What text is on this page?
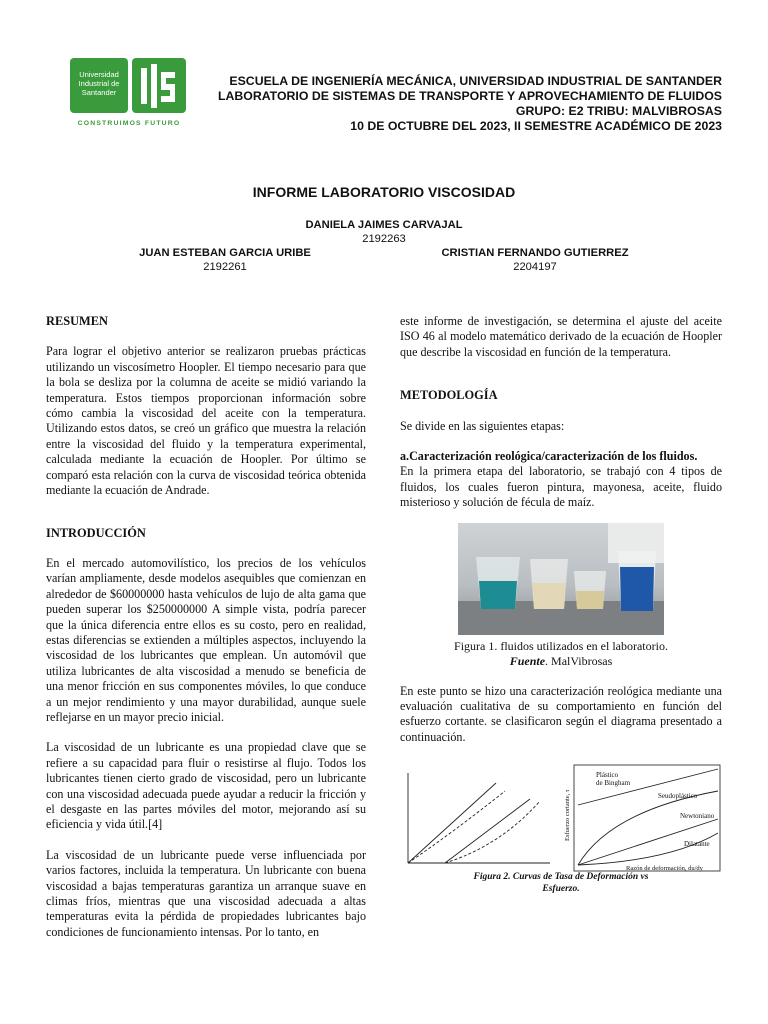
Universidad
Industrial de
Santander
CONSTRUIMOS FUTURO
ESCUELA DE INGENIERÍA MECÁNICA, UNIVERSIDAD INDUSTRIAL DE SANTANDER
LABORATORIO DE SISTEMAS DE TRANSPORTE Y APROVECHAMIENTO DE FLUIDOS
GRUPO: E2 TRIBU: MALVIBROSAS
10 DE OCTUBRE DEL 2023, II SEMESTRE ACADÉMICO DE 2023
INFORME LABORATORIO VISCOSIDAD
DANIELA JAIMES CARVAJAL
2192263
JUAN ESTEBAN GARCIA URIBE
2192261
CRISTIAN FERNANDO GUTIERREZ
2204197

RESUMEN

Para lograr el objetivo anterior se realizaron pruebas prácticas utilizando un viscosímetro Hoopler. El tiempo necesario para que la bola se desliza por la columna de aceite se midió variando la temperatura. Estos tiempos proporcionan información sobre cómo cambia la viscosidad del aceite con la temperatura. Utilizando estos datos, se creó un gráfico que muestra la relación entre la viscosidad del fluido y la temperatura experimental, calculada mediante la ecuación de Hoopler. Por último se comparó esta relación con la curva de viscosidad teórica obtenida mediante la ecuación de Andrade.

INTRODUCCIÓN

En el mercado automovilístico, los precios de los vehículos varían ampliamente, desde modelos asequibles que comienzan en alrededor de $60000000 hasta vehículos de lujo de alta gama que pueden superar los $250000000 A simple vista, podría parecer que la única diferencia entre ellos es su costo, pero en realidad, estas diferencias se extienden a múltiples aspectos, incluyendo la viscosidad de los lubricantes que emplean. Un automóvil que utiliza lubricantes de alta viscosidad a menudo se beneficia de una menor fricción en sus componentes móviles, lo que conduce a un mejor rendimiento y una mayor durabilidad, aunque suele reflejarse en un mayor precio inicial.

La viscosidad de un lubricante es una propiedad clave que se refiere a su capacidad para fluir o resistirse al flujo. Todos los lubricantes tienen cierto grado de viscosidad, pero un lubricante con una viscosidad adecuada puede ayudar a reducir la fricción y el desgaste en las partes móviles del motor, mejorando así su eficiencia y vida útil.[4]

La viscosidad de un lubricante puede verse influenciada por varios factores, incluida la temperatura. Un lubricante con buena viscosidad a bajas temperaturas garantiza un arranque suave en climas fríos, mientras que una viscosidad adecuada a altas temperaturas evita la pérdida de propiedades lubricantes bajo condiciones de funcionamiento intensas. Por lo tanto, en

este informe de investigación, se determina el ajuste del aceite ISO 46 al modelo matemático derivado de la ecuación de Hoopler que describe la viscosidad en función de la temperatura.

METODOLOGÍA

Se divide en las siguientes etapas:

a.Caracterización reológica/caracterización de los fluidos.

En la primera etapa del laboratorio, se trabajó con 4 tipos de fluidos, los cuales fueron pintura, mayonesa, aceite, fluido misterioso y solución de fécula de maíz.

Figura 1. fluidos utilizados en el laboratorio.
Fuente. MalVibrosas

En este punto se hizo una caracterización reológica mediante una evaluación cualitativa de su comportamiento en función del esfuerzo cortante. se clasificaron según el diagrama presentado a continuación.

Plástico
de Bingham
Seudoplástico
Newtoniano
Dilatante
Razón de deformación, du/dy
Esfuerzo cortante, τ
Figura 2. Curvas de Tasa de Deformación vs
Esfuerzo.
